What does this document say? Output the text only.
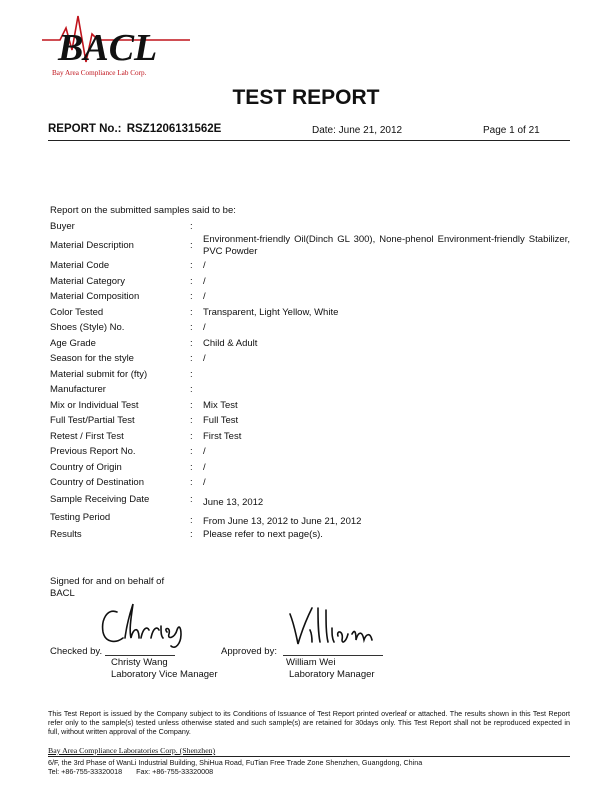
BACL
Bay Area Compliance Lab Corp.
TEST REPORT
REPORT No.: RSZ1206131562E	Date: June 21, 2012	Page 1 of 21
Report on the submitted samples said to be:
Buyer	:
Material Description	:
Environment-friendly Oil(Dinch GL 300), None-phenol Environment-friendly Stabilizer, PVC Powder
Material Code	: /
Material Category	: /
Material Composition	: /
Color Tested	: Transparent, Light Yellow, White
Shoes (Style) No.	: /
Age Grade	: Child & Adult
Season for the style	: /
Material submit for (fty)	:
Manufacturer	:
Mix or Individual Test	: Mix Test
Full Test/Partial Test	: Full Test
Retest / First Test	: First Test
Previous Report No.	: /
Country of Origin	: /
Country of Destination	: /
Sample Receiving Date	: June 13, 2012
Testing Period	: From June 13, 2012 to June 21, 2012
Results	: Please refer to next page(s).
Signed for and on behalf of
BACL
Checked by.
Christy Wang
Laboratory Vice Manager
Approved by:
William Wei
Laboratory Manager
This Test Report is issued by the Company subject to its Conditions of Issuance of Test Report printed overleaf or attached. The results shown in this Test Report refer only to the sample(s) tested unless otherwise stated and such sample(s) are retained for 30days only. This Test Report shall not be reproduced expected in full, without written approval of the Company.
Bay Area Compliance Laboratories Corp. (Shenzhen)
6/F, the 3rd Phase of WanLi Industrial Building, ShiHua Road, FuTian Free Trade Zone Shenzhen, Guangdong, China
Tel: +86-755-33320018 Fax: +86-755-33320008
